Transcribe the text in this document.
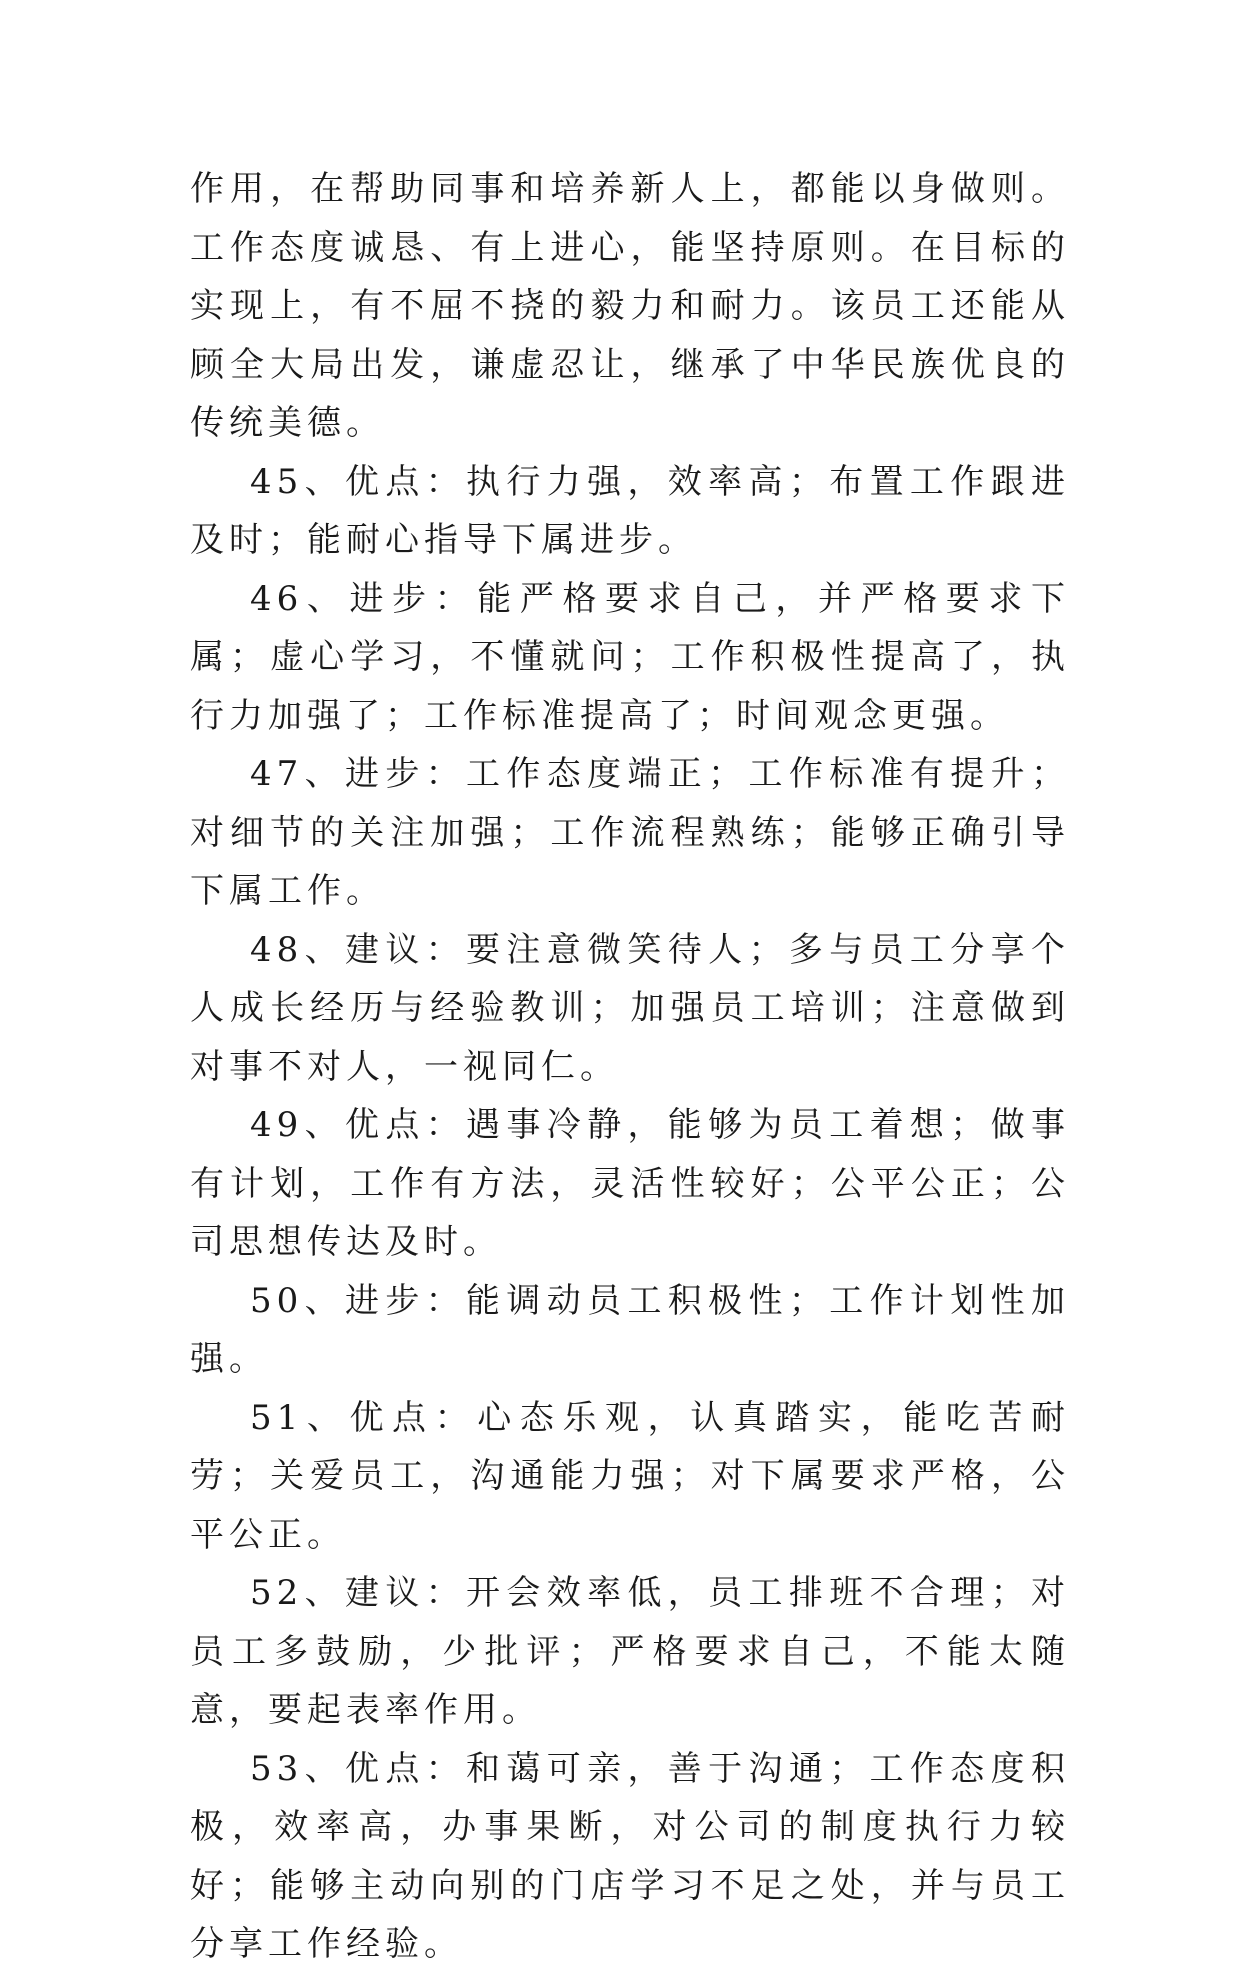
作用，在帮助同事和培养新人上，都能以身做则。工作态度诚恳、有上进心，能坚持原则。在目标的实现上，有不屈不挠的毅力和耐力。该员工还能从顾全大局出发，谦虚忍让，继承了中华民族优良的传统美德。

45、优点：执行力强，效率高；布置工作跟进及时；能耐心指导下属进步。

46、进步：能严格要求自己，并严格要求下属；虚心学习，不懂就问；工作积极性提高了，执行力加强了；工作标准提高了；时间观念更强。

47、进步：工作态度端正；工作标准有提升；对细节的关注加强；工作流程熟练；能够正确引导下属工作。

48、建议：要注意微笑待人；多与员工分享个人成长经历与经验教训；加强员工培训；注意做到对事不对人，一视同仁。

49、优点：遇事冷静，能够为员工着想；做事有计划，工作有方法，灵活性较好；公平公正；公司思想传达及时。

50、进步：能调动员工积极性；工作计划性加强。

51、优点：心态乐观，认真踏实，能吃苦耐劳；关爱员工，沟通能力强；对下属要求严格，公平公正。

52、建议：开会效率低，员工排班不合理；对员工多鼓励，少批评；严格要求自己，不能太随意，要起表率作用。

53、优点：和蔼可亲，善于沟通；工作态度积极，效率高，办事果断，对公司的制度执行力较好；能够主动向别的门店学习不足之处，并与员工分享工作经验。
